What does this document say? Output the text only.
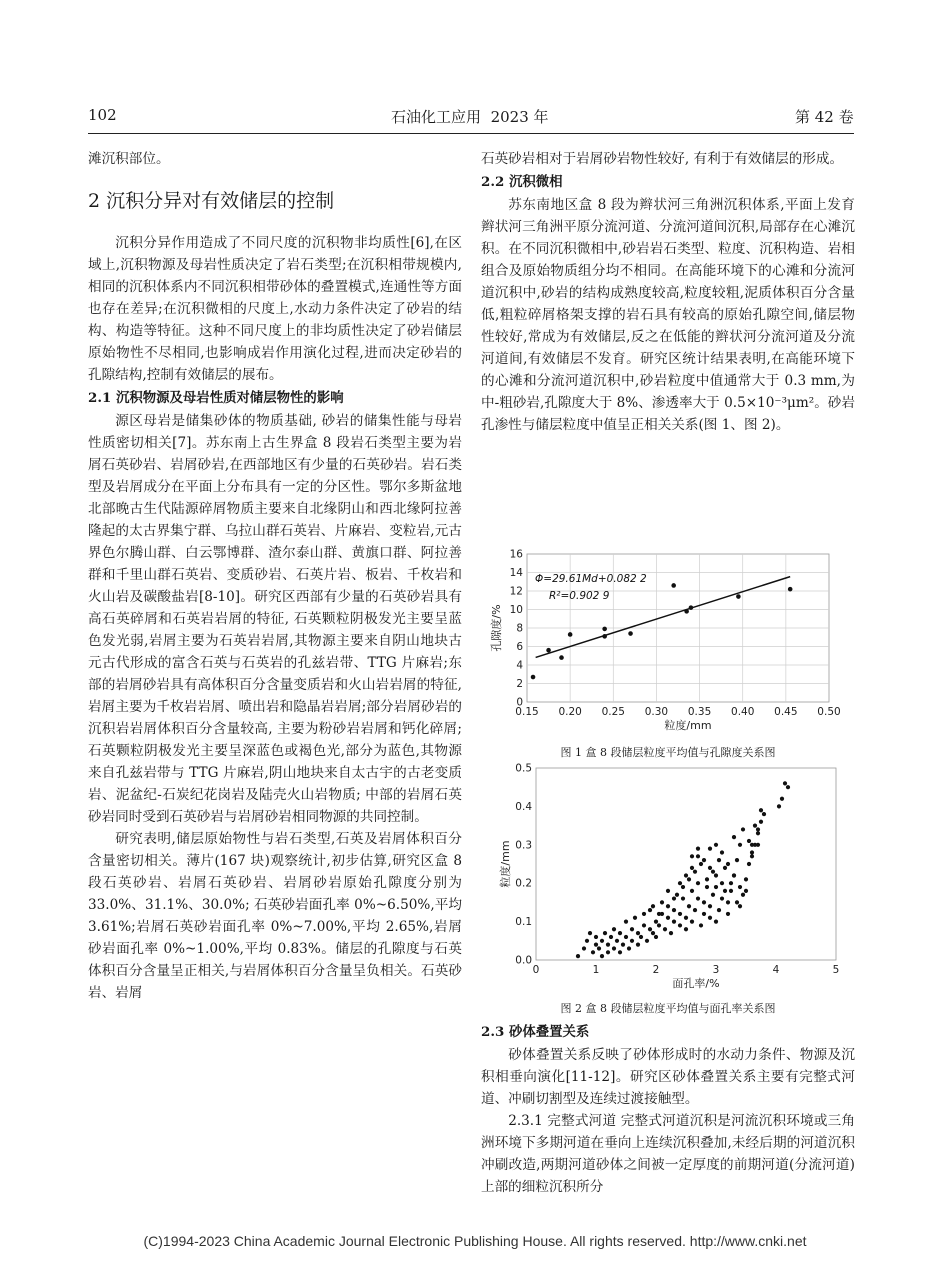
102	石油化工应用 2023 年	第 42 卷

滩沉积部位。

2 沉积分异对有效储层的控制

沉积分异作用造成了不同尺度的沉积物非均质性[6],在区域上,沉积物源及母岩性质决定了岩石类型;在沉积相带规模内,相同的沉积体系内不同沉积相带砂体的叠置模式,连通性等方面也存在差异;在沉积微相的尺度上,水动力条件决定了砂岩的结构、构造等特征。这种不同尺度上的非均质性决定了砂岩储层原始物性不尽相同,也影响成岩作用演化过程,进而决定砂岩的孔隙结构,控制有效储层的展布。

2.1 沉积物源及母岩性质对储层物性的影响

源区母岩是储集砂体的物质基础, 砂岩的储集性能与母岩性质密切相关[7]。苏东南上古生界盒 8 段岩石类型主要为岩屑石英砂岩、岩屑砂岩,在西部地区有少量的石英砂岩。岩石类型及岩屑成分在平面上分布具有一定的分区性。鄂尔多斯盆地北部晚古生代陆源碎屑物质主要来自北缘阴山和西北缘阿拉善隆起的太古界集宁群、乌拉山群石英岩、片麻岩、变粒岩,元古界色尔腾山群、白云鄂博群、渣尔泰山群、黄旗口群、阿拉善群和千里山群石英岩、变质砂岩、石英片岩、板岩、千枚岩和火山岩及碳酸盐岩[8-10]。研究区西部有少量的石英砂岩具有高石英碎屑和石英岩岩屑的特征, 石英颗粒阴极发光主要呈蓝色发光弱,岩屑主要为石英岩岩屑,其物源主要来自阴山地块古元古代形成的富含石英与石英岩的孔兹岩带、TTG 片麻岩;东部的岩屑砂岩具有高体积百分含量变质岩和火山岩岩屑的特征, 岩屑主要为千枚岩岩屑、喷出岩和隐晶岩岩屑;部分岩屑砂岩的沉积岩岩屑体积百分含量较高, 主要为粉砂岩岩屑和钙化碎屑; 石英颗粒阴极发光主要呈深蓝色或褐色光,部分为蓝色,其物源来自孔兹岩带与 TTG 片麻岩,阴山地块来自太古宇的古老变质岩、泥盆纪-石炭纪花岗岩及陆壳火山岩物质; 中部的岩屑石英砂岩同时受到石英砂岩与岩屑砂岩相同物源的共同控制。

研究表明,储层原始物性与岩石类型,石英及岩屑体积百分含量密切相关。薄片(167 块)观察统计,初步估算,研究区盒 8 段石英砂岩、岩屑石英砂岩、岩屑砂岩原始孔隙度分别为 33.0%、31.1%、30.0%; 石英砂岩面孔率 0%~6.50%,平均 3.61%;岩屑石英砂岩面孔率 0%~7.00%,平均 2.65%,岩屑砂岩面孔率 0%~1.00%,平均 0.83%。储层的孔隙度与石英体积百分含量呈正相关,与岩屑体积百分含量呈负相关。石英砂岩、岩屑

石英砂岩相对于岩屑砂岩物性较好, 有利于有效储层的形成。

2.2 沉积微相

苏东南地区盒 8 段为辫状河三角洲沉积体系,平面上发育辫状河三角洲平原分流河道、分流河道间沉积,局部存在心滩沉积。在不同沉积微相中,砂岩岩石类型、粒度、沉积构造、岩相组合及原始物质组分均不相同。在高能环境下的心滩和分流河道沉积中,砂岩的结构成熟度较高,粒度较粗,泥质体积百分含量低,粗粒碎屑格架支撑的岩石具有较高的原始孔隙空间,储层物性较好,常成为有效储层,反之在低能的辫状河分流河道及分流河道间,有效储层不发育。研究区统计结果表明,在高能环境下的心滩和分流河道沉积中,砂岩粒度中值通常大于 0.3 mm,为中-粗砂岩,孔隙度大于 8%、渗透率大于 0.5×10⁻³μm²。砂岩孔渗性与储层粒度中值呈正相关关系(图 1、图 2)。

0
2
4
6
8
10
12
14
16
0.15 0.20 0.25 0.30 0.35 0.40 0.45 0.50
粒度/mm
孔隙度/%
Φ=29.61Md+0.082 2
R²=0.902 9
图 1 盒 8 段储层粒度平均值与孔隙度关系图
0.0
0.1
0.2
0.3
0.4
0.5
0	1	2	3	4	5
面孔率/%
粒度/mm
图 2 盒 8 段储层粒度平均值与面孔率关系图

2.3 砂体叠置关系

砂体叠置关系反映了砂体形成时的水动力条件、物源及沉积相垂向演化[11-12]。研究区砂体叠置关系主要有完整式河道、冲刷切割型及连续过渡接触型。

2.3.1 完整式河道 完整式河道沉积是河流沉积环境或三角洲环境下多期河道在垂向上连续沉积叠加,未经后期的河道沉积冲刷改造,两期河道砂体之间被一定厚度的前期河道(分流河道)上部的细粒沉积所分

(C)1994-2023 China Academic Journal Electronic Publishing House. All rights reserved. http://www.cnki.net
